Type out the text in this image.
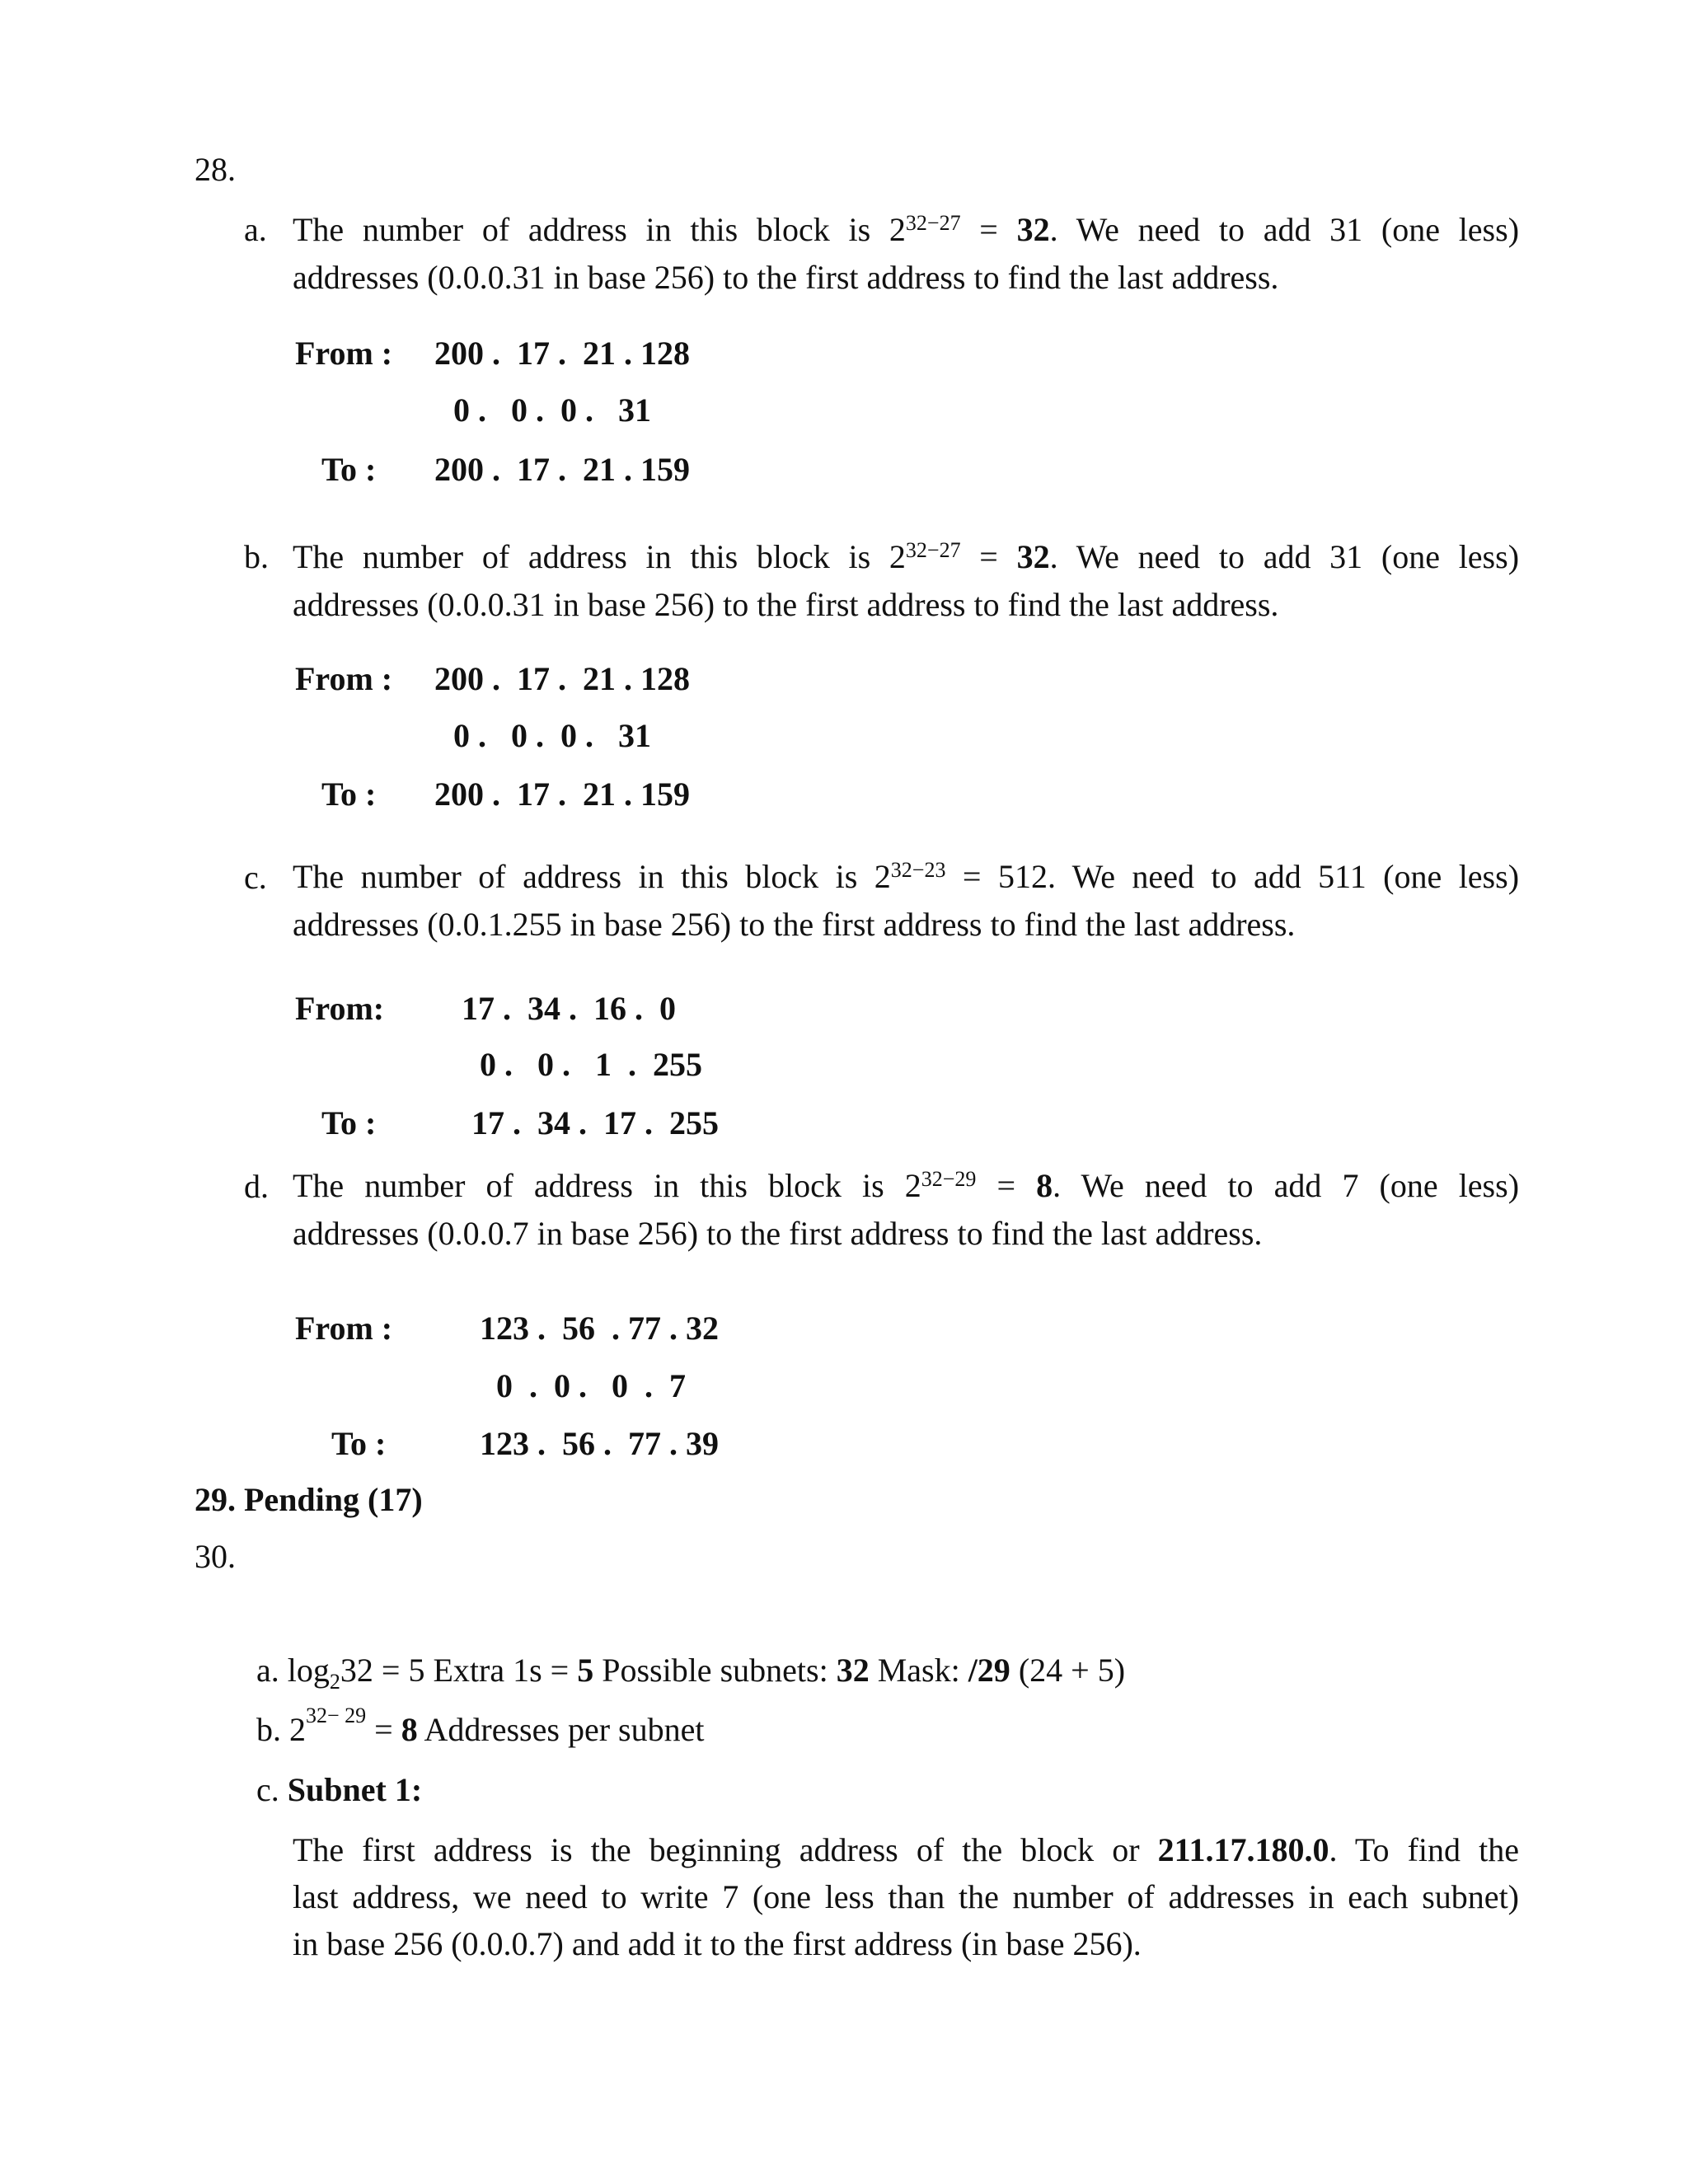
28.
a. The number of address in this block is $2^{32-27} = 32$. We need to add 31 (one less)
addresses (0.0.0.31 in base 256) to the first address to find the last address.
From : 200 .  17 .  21 . 128
0 .   0 .  0 .   31
To : 200 .  17 .  21 . 159
b. The number of address in this block is $2^{32-27} = 32$. We need to add 31 (one less)
addresses (0.0.0.31 in base 256) to the first address to find the last address.
From : 200 .  17 .  21 . 128
0 .   0 .  0 .   31
To : 200 .  17 .  21 . 159
c. The number of address in this block is $2^{32-23} = 512$. We need to add 511 (one less)
addresses (0.0.1.255 in base 256) to the first address to find the last address.
From: 17 .  34 .  16 .  0
0 .   0 .   1  .  255
To :	17 .  34 .  17 .  255
d. The number of address in this block is $2^{32-29} = 8$. We need to add 7 (one less)
addresses (0.0.0.7 in base 256) to the first address to find the last address.
From :	123 .  56  . 77 . 32
0  .  0 .   0  .  7
To :	123 .  56 .  77 . 39
29. Pending (17)
30.
a. $\log_232 = 5$ Extra 1s = 5 Possible subnets: 32 Mask: /29 (24 + 5)
b. $2^{32- 29} = 8$ Addresses per subnet
c. Subnet 1:
The first address is the beginning address of the block or 211.17.180.0. To find the
last address, we need to write 7 (one less than the number of addresses in each subnet)
in base 256 (0.0.0.7) and add it to the first address (in base 256).
